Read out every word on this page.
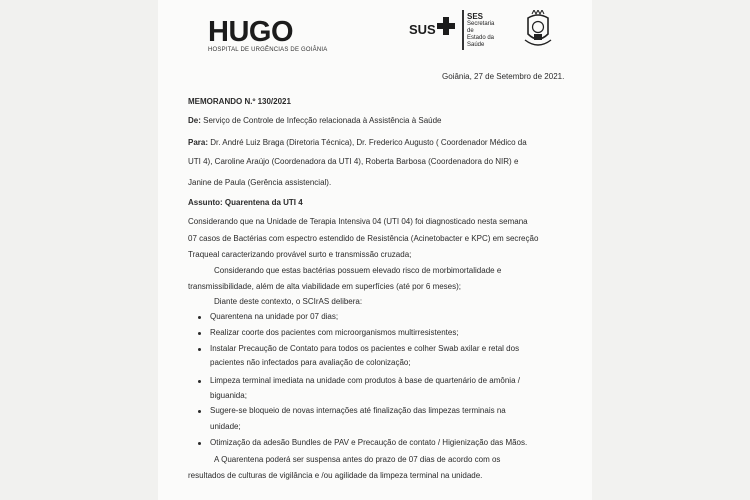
HUGO
HOSPITAL DE URGÊNCIAS DE GOIÂNIA
SUS
SES
Secretaria de
Estado da
Saúde
Goiânia, 27 de Setembro de 2021.
MEMORANDO N.º 130/2021
De: Serviço de Controle de Infecção relacionada à Assistência à Saúde
Para: Dr. André Luiz Braga (Diretoria Técnica), Dr. Frederico Augusto ( Coordenador Médico da
UTI 4), Caroline Araújo (Coordenadora da UTI 4), Roberta Barbosa (Coordenadora do NIR) e
Janine de Paula (Gerência assistencial).
Assunto: Quarentena da UTI 4
Considerando que na Unidade de Terapia Intensiva 04 (UTI 04) foi diagnosticado nesta semana
07 casos de Bactérias com espectro estendido de Resistência (Acinetobacter e KPC) em secreção
Traqueal caracterizando provável surto e transmissão cruzada;
Considerando que estas bactérias possuem elevado risco de morbimortalidade e
transmissibilidade, além de alta viabilidade em superfícies (até por 6 meses);
Diante deste contexto, o SCIrAS delibera:
Quarentena na unidade por 07 dias;
Realizar coorte dos pacientes com microorganismos multirresistentes;
Instalar Precaução de Contato para todos os pacientes e colher Swab axilar e retal dos
pacientes não infectados para avaliação de colonização;
Limpeza terminal imediata na unidade com produtos à base de quartenário de amônia /
biguanida;
Sugere-se bloqueio de novas internações até finalização das limpezas terminais na
unidade;
Otimização da adesão Bundles de PAV e Precaução de contato / Higienização das Mãos.
A Quarentena poderá ser suspensa antes do prazo de 07 dias de acordo com os
resultados de culturas de vigilância e /ou agilidade da limpeza terminal na unidade.
